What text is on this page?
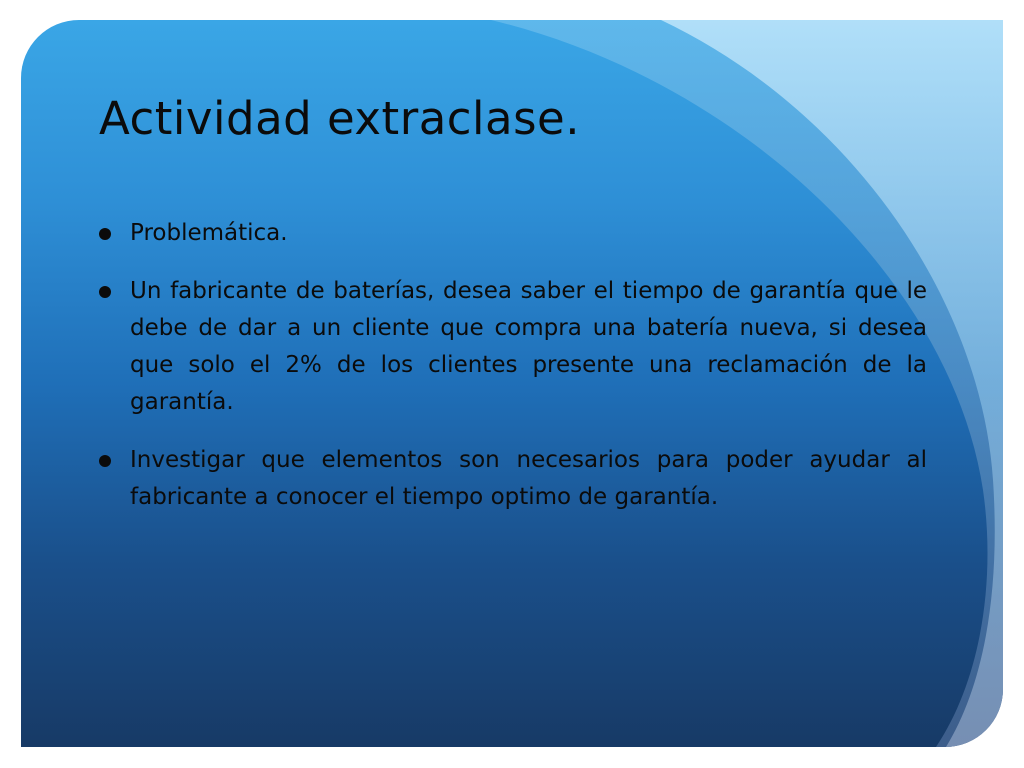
Actividad extraclase.
Problemática.
Un fabricante de baterías, desea saber el tiempo de garantía que le debe de dar a un cliente que compra una batería nueva, si desea que solo el 2% de los clientes presente una reclamación de la garantía.
Investigar que elementos son necesarios para poder ayudar al fabricante a conocer el tiempo optimo de garantía.
